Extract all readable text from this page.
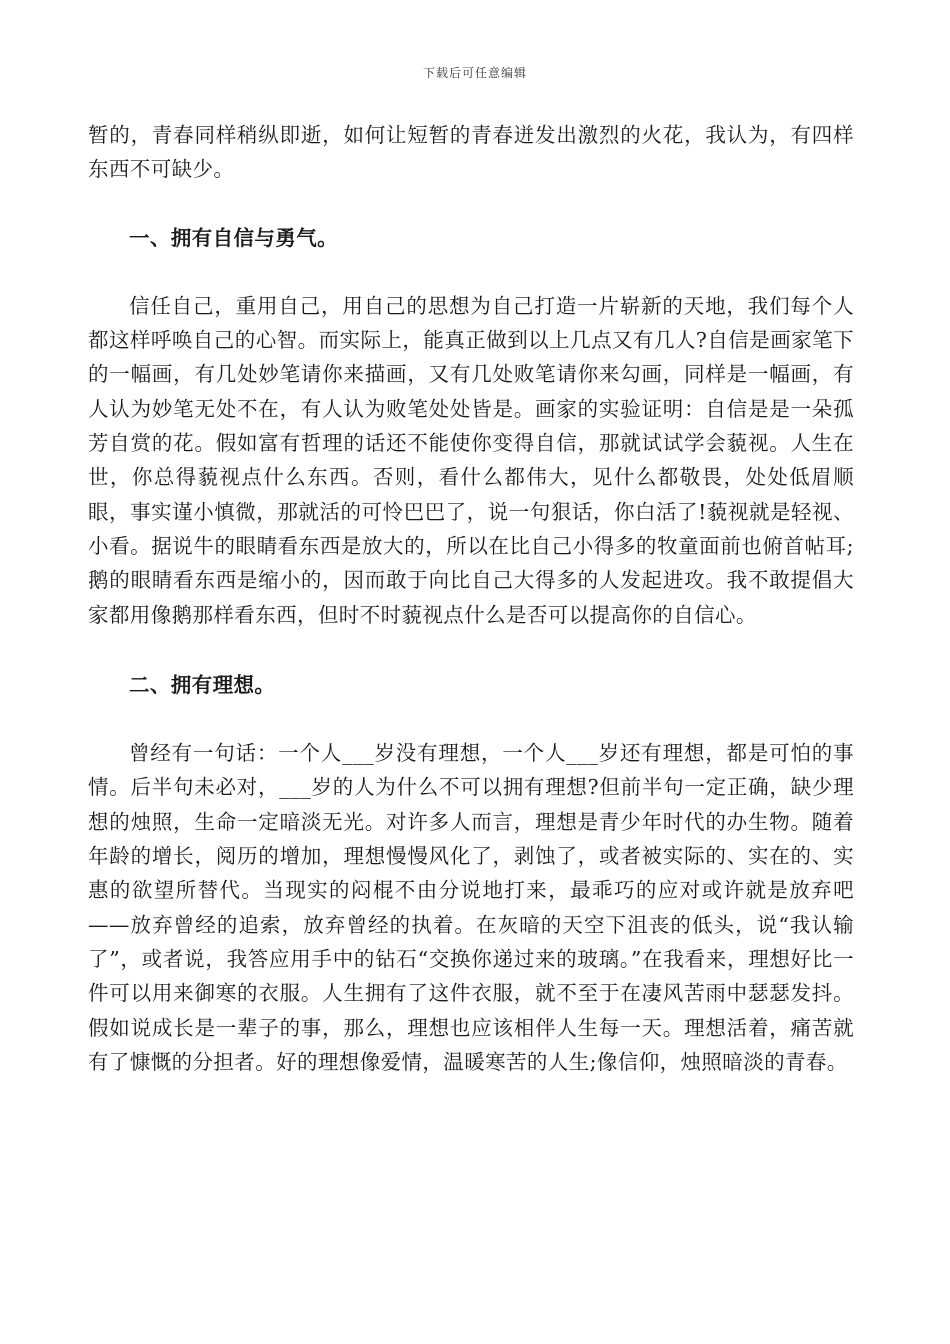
下载后可任意编辑

暂的，青春同样稍纵即逝，如何让短暂的青春迸发出激烈的火花，我认为，有四样东西不可缺少。

一、拥有自信与勇气。

信任自己，重用自己，用自己的思想为自己打造一片崭新的天地，我们每个人都这样呼唤自己的心智。而实际上，能真正做到以上几点又有几人?自信是画家笔下的一幅画，有几处妙笔请你来描画，又有几处败笔请你来勾画，同样是一幅画，有人认为妙笔无处不在，有人认为败笔处处皆是。画家的实验证明：自信是是一朵孤芳自赏的花。假如富有哲理的话还不能使你变得自信，那就试试学会藐视。人生在世，你总得藐视点什么东西。否则，看什么都伟大，见什么都敬畏，处处低眉顺眼，事实谨小慎微，那就活的可怜巴巴了，说一句狠话，你白活了!藐视就是轻视、小看。据说牛的眼睛看东西是放大的，所以在比自己小得多的牧童面前也俯首帖耳;鹅的眼睛看东西是缩小的，因而敢于向比自己大得多的人发起进攻。我不敢提倡大家都用像鹅那样看东西，但时不时藐视点什么是否可以提高你的自信心。

二、拥有理想。

曾经有一句话：一个人___岁没有理想，一个人___岁还有理想，都是可怕的事情。后半句未必对，___岁的人为什么不可以拥有理想?但前半句一定正确，缺少理想的烛照，生命一定暗淡无光。对许多人而言，理想是青少年时代的办生物。随着年龄的增长，阅历的增加，理想慢慢风化了，剥蚀了，或者被实际的、实在的、实惠的欲望所替代。当现实的闷棍不由分说地打来，最乖巧的应对或许就是放弃吧——放弃曾经的追索，放弃曾经的执着。在灰暗的天空下沮丧的低头，说“我认输了”，或者说，我答应用手中的钻石“交换你递过来的玻璃。”在我看来，理想好比一件可以用来御寒的衣服。人生拥有了这件衣服，就不至于在凄风苦雨中瑟瑟发抖。假如说成长是一辈子的事，那么，理想也应该相伴人生每一天。理想活着，痛苦就有了慷慨的分担者。好的理想像爱情，温暖寒苦的人生;像信仰，烛照暗淡的青春。
